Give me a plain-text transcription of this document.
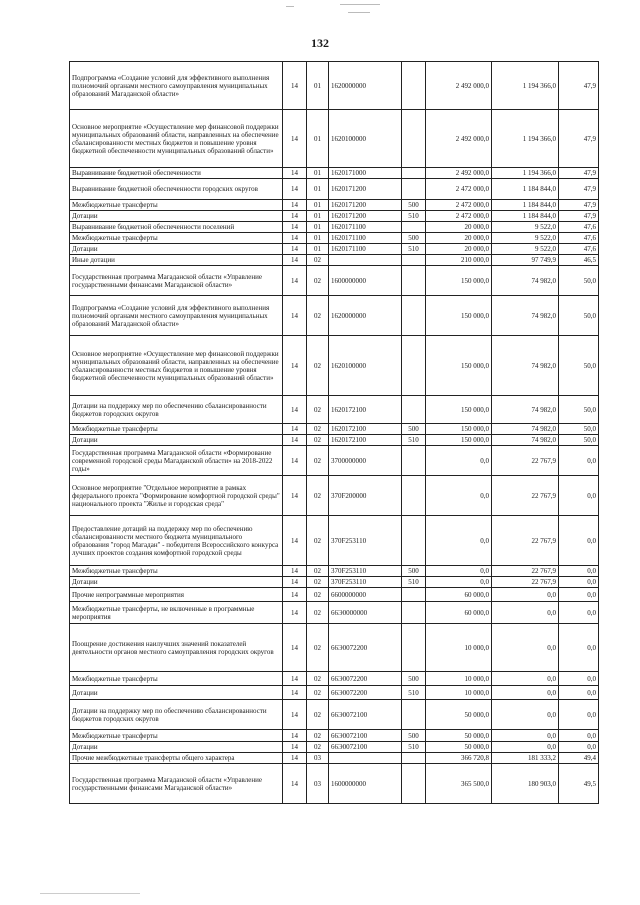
132
Подпрограмма «Создание условий для эффективного выполнения полномочий органами местного самоуправления муниципальных образований Магаданской области»	14	01	1620000000		2 492 000,0	1 194 366,0	47,9
Основное мероприятие «Осуществление мер финансовой поддержки муниципальных образований области, направленных на обеспечение сбалансированности местных бюджетов и повышение уровня бюджетной обеспеченности муниципальных образований области»	14	01	1620100000		2 492 000,0	1 194 366,0	47,9
Выравнивание бюджетной обеспеченности	14	01	1620171000		2 492 000,0	1 194 366,0	47,9
Выравнивание бюджетной обеспеченности городских округов	14	01	1620171200		2 472 000,0	1 184 844,0	47,9
Межбюджетные трансферты	14	01	1620171200	500	2 472 000,0	1 184 844,0	47,9
Дотации	14	01	1620171200	510	2 472 000,0	1 184 844,0	47,9
Выравнивание бюджетной обеспеченности поселений	14	01	1620171100		20 000,0	9 522,0	47,6
Межбюджетные трансферты	14	01	1620171100	500	20 000,0	9 522,0	47,6
Дотации	14	01	1620171100	510	20 000,0	9 522,0	47,6
Иные дотации	14	02			210 000,0	97 749,9	46,5
Государственная программа Магаданской области «Управление государственными финансами Магаданской области»	14	02	1600000000		150 000,0	74 982,0	50,0
Подпрограмма «Создание условий для эффективного выполнения полномочий органами местного самоуправления муниципальных образований Магаданской области»	14	02	1620000000		150 000,0	74 982,0	50,0
Основное мероприятие «Осуществление мер финансовой поддержки муниципальных образований области, направленных на обеспечение сбалансированности местных бюджетов и повышение уровня бюджетной обеспеченности муниципальных образований области»	14	02	1620100000		150 000,0	74 982,0	50,0
Дотации на поддержку мер по обеспечению сбалансированности бюджетов городских округов	14	02	1620172100		150 000,0	74 982,0	50,0
Межбюджетные трансферты	14	02	1620172100	500	150 000,0	74 982,0	50,0
Дотации	14	02	1620172100	510	150 000,0	74 982,0	50,0
Государственная программа Магаданской области «Формирование современной городской среды Магаданской области» на 2018-2022 годы»	14	02	3700000000		0,0	22 767,9	0,0
Основное мероприятие "Отдельное мероприятие в рамках федерального проекта "Формирование комфортной городской среды" национального проекта "Жилье и городская среда"	14	02	370F200000		0,0	22 767,9	0,0
Предоставление дотаций на поддержку мер по обеспечению сбалансированности местного бюджета муниципального образования "город Магадан" - победителя Всероссийского конкурса лучших проектов создания комфортной городской среды	14	02	370F253110		0,0	22 767,9	0,0
Межбюджетные трансферты	14	02	370F253110	500	0,0	22 767,9	0,0
Дотации	14	02	370F253110	510	0,0	22 767,9	0,0
Прочие непрограммные мероприятия	14	02	6600000000		60 000,0	0,0	0,0
Межбюджетные трансферты, не включенные в программные мероприятия	14	02	66Э0000000		60 000,0	0,0	0,0
Поощрение достижения наилучших значений показателей деятельности органов местного самоуправления городских округов	14	02	66Э0072200		10 000,0	0,0	0,0
Межбюджетные трансферты	14	02	66Э0072200	500	10 000,0	0,0	0,0
Дотации	14	02	66Э0072200	510	10 000,0	0,0	0,0
Дотации на поддержку мер по обеспечению сбалансированности бюджетов городских округов	14	02	66Э0072100		50 000,0	0,0	0,0
Межбюджетные трансферты	14	02	66Э0072100	500	50 000,0	0,0	0,0
Дотации	14	02	66Э0072100	510	50 000,0	0,0	0,0
Прочие межбюджетные трансферты общего характера	14	03			366 720,8	181 333,2	49,4
Государственная программа Магаданской области «Управление государственными финансами Магаданской области»	14	03	1600000000		365 500,0	180 903,0	49,5
